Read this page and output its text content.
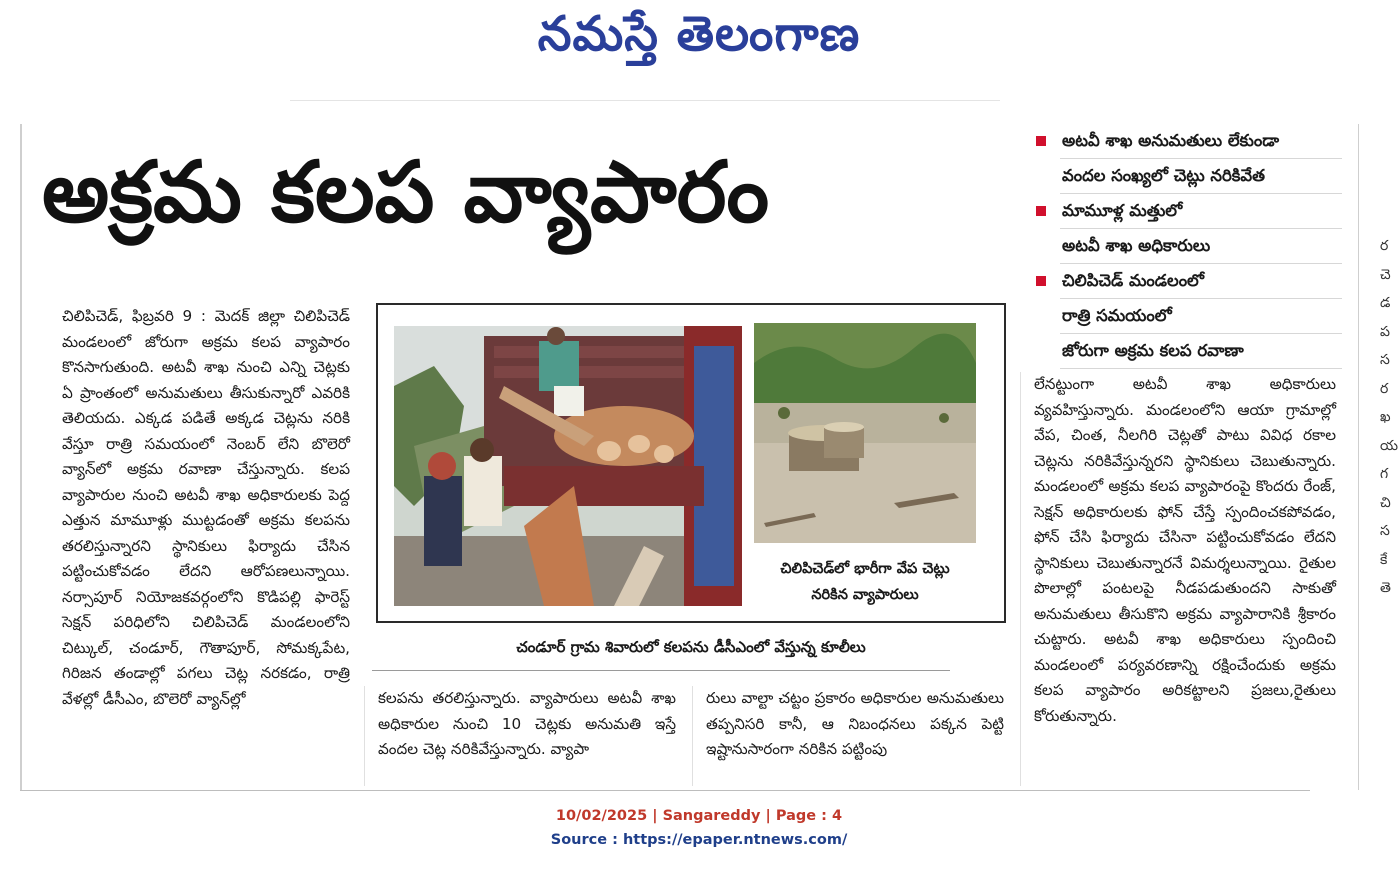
నమస్తే తెలంగాణ
అక్రమ కలప వ్యాపారం
అటవీ శాఖ అనుమతులు లేకుండా
వందల సంఖ్యలో చెట్లు నరికివేత
మామూళ్ల మత్తులో
అటవీ శాఖ అధికారులు
చిలిపిచెడ్ మండలంలో
రాత్రి సమయంలో
జోరుగా అక్రమ కలప రవాణా

చిలిపిచెడ్, ఫిబ్రవరి 9 : మెదక్ జిల్లా చిలిపిచెడ్ మండలంలో జోరుగా అక్రమ కలప వ్యాపారం కొనసాగుతుంది. అటవీ శాఖ నుంచి ఎన్ని చెట్లకు ఏ ప్రాంతంలో అనుమతులు తీసుకున్నారో ఎవరికి తెలియదు. ఎక్కడ పడితే అక్కడ చెట్లను నరికి వేస్తూ రాత్రి సమయంలో నెంబర్ లేని బొలెరో వ్యాన్‌లో అక్రమ రవాణా చేస్తున్నారు. కలప వ్యాపారుల నుంచి అటవీ శాఖ అధికారులకు పెద్ద ఎత్తున మామూళ్లు ముట్టడంతో అక్రమ కలపను తరలిస్తున్నారని స్థానికులు ఫిర్యాదు చేసిన పట్టించుకోవడం లేదని ఆరోపణలున్నాయి. నర్సాపూర్ నియోజకవర్గంలోని కొడిపల్లి ఫారెస్ట్ సెక్షన్ పరిధిలోని చిలిపిచెడ్ మండలంలోని చిట్కుల్, చండూర్, గౌతాపూర్, సోమక్కపేట, గిరిజన తండాల్లో పగలు చెట్ల నరకడం, రాత్రి వేళల్లో డీసీఎం, బొలెరో వ్యాన్‌ల్లో	కలపను తరలిస్తున్నారు. వ్యాపారులు అటవీ శాఖ అధికారుల నుంచి 10 చెట్లకు అనుమతి ఇస్తే వందల చెట్ల నరికివేస్తున్నారు. వ్యాపా

రులు వాల్టా చట్టం ప్రకారం అధికారుల అనుమతులు తప్పనిసరి కానీ, ఆ నిబంధనలు పక్కన పెట్టి ఇష్టానుసారంగా నరికిన పట్టింపు

లేనట్టుంగా అటవీ శాఖ అధికారులు వ్యవహిస్తున్నారు. మండలంలోని ఆయా గ్రామాల్లో వేప, చింత, నీలగిరి చెట్లతో పాటు వివిధ రకాల చెట్లను నరికివేస్తున్నరని స్థానికులు చెబుతున్నారు. మండలంలో అక్రమ కలప వ్యాపారంపై కొందరు రేంజ్, సెక్షన్ అధికారులకు ఫోన్ చేస్తే స్పందించకపోవడం, ఫోన్ చేసి ఫిర్యాదు చేసినా పట్టించుకోవడం లేదని స్థానికులు చెబుతున్నారనే విమర్శలున్నాయి. రైతుల పొలాల్లో పంటలపై నీడపడుతుందని సాకుతో అనుమతులు తీసుకొని అక్రమ వ్యాపారానికి శ్రీకారం చుట్టారు. అటవీ శాఖ అధికారులు స్పందించి మండలంలో పర్యవరణాన్ని రక్షించేందుకు అక్రమ కలప వ్యాపారం అరికట్టాలని ప్రజలు,రైతులు కోరుతున్నారు.

చిలిపిచెడ్‌లో భారీగా వేప చెట్లు
నరికిన వ్యాపారులు
చండూర్ గ్రామ శివారులో కలపను డీసీఎంలో వేస్తున్న కూలీలు
ర
చె
డ
ప
స
ర
ఖ
య
గ
చి
స
కే
తె
10/02/2025 | Sangareddy | Page : 4
Source : https://epaper.ntnews.com/
